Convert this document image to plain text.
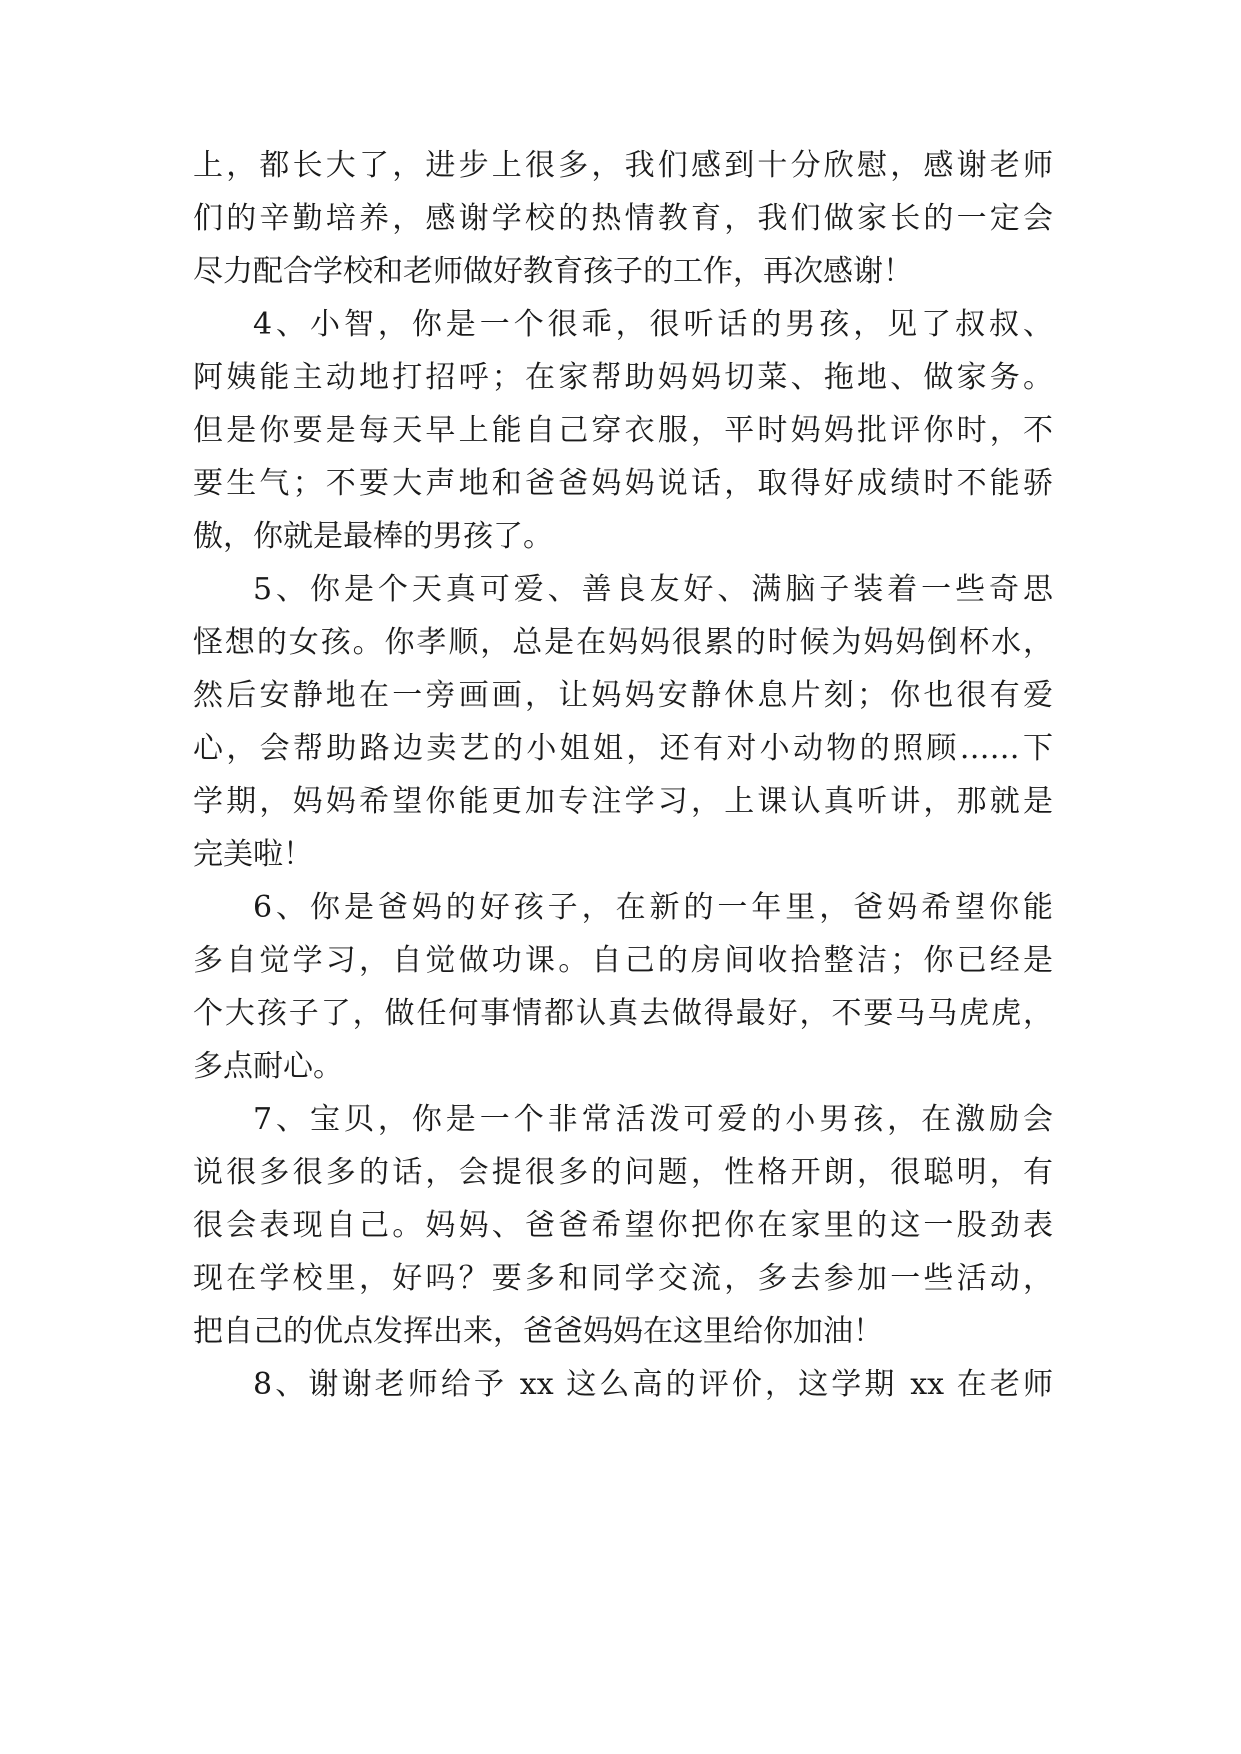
上，都长大了，进步上很多，我们感到十分欣慰，感谢老师
们的辛勤培养，感谢学校的热情教育，我们做家长的一定会
尽力配合学校和老师做好教育孩子的工作，再次感谢！
4、小智，你是一个很乖，很听话的男孩，见了叔叔、
阿姨能主动地打招呼；在家帮助妈妈切菜、拖地、做家务。
但是你要是每天早上能自己穿衣服，平时妈妈批评你时，不
要生气；不要大声地和爸爸妈妈说话，取得好成绩时不能骄
傲，你就是最棒的男孩了。
5、你是个天真可爱、善良友好、满脑子装着一些奇思
怪想的女孩。你孝顺，总是在妈妈很累的时候为妈妈倒杯水，
然后安静地在一旁画画，让妈妈安静休息片刻；你也很有爱
心，会帮助路边卖艺的小姐姐，还有对小动物的照顾……下
学期，妈妈希望你能更加专注学习，上课认真听讲，那就是
完美啦！
6、你是爸妈的好孩子，在新的一年里，爸妈希望你能
多自觉学习，自觉做功课。自己的房间收拾整洁；你已经是
个大孩子了，做任何事情都认真去做得最好，不要马马虎虎，
多点耐心。
7、宝贝，你是一个非常活泼可爱的小男孩，在激励会
说很多很多的话，会提很多的问题，性格开朗，很聪明，有
很会表现自己。妈妈、爸爸希望你把你在家里的这一股劲表
现在学校里，好吗？要多和同学交流，多去参加一些活动，
把自己的优点发挥出来，爸爸妈妈在这里给你加油！
8、谢谢老师给予 xx 这么高的评价，这学期 xx 在老师
